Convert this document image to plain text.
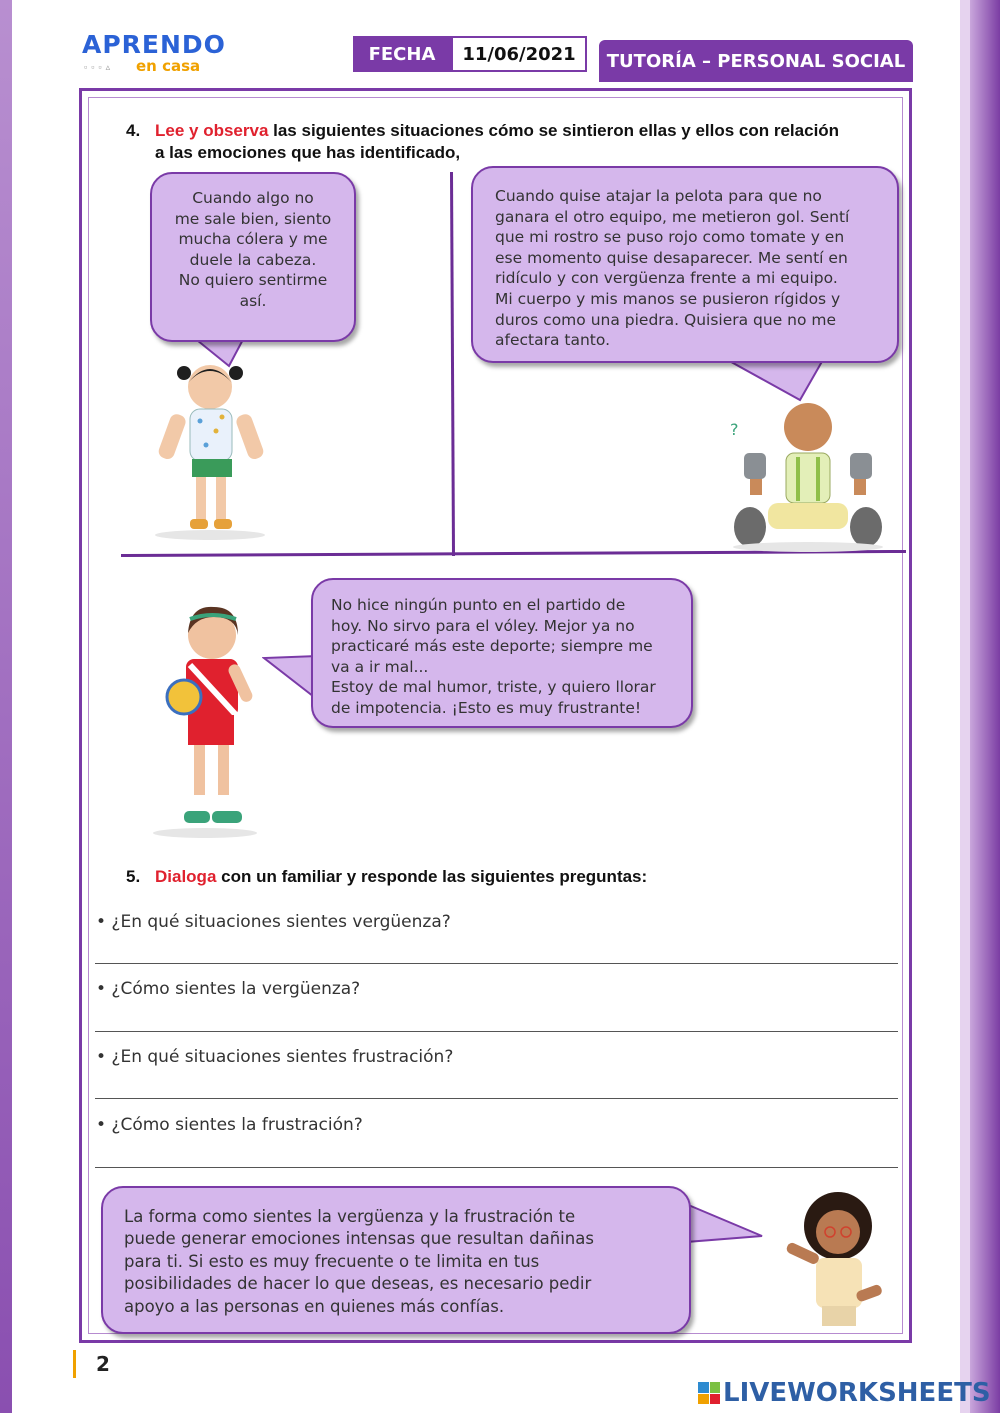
APRENDO
en casa
▫▫▫▵
FECHA	11/06/2021	TUTORÍA – PERSONAL SOCIAL
4. Lee y observa las siguientes situaciones cómo se sintieron ellas y ellos con relación
a las emociones que has identificado,
Cuando algo no
me sale bien, siento
mucha cólera y me
duele la cabeza.
No quiero sentirme
así.
Cuando quise atajar la pelota para que no
ganara el otro equipo, me metieron gol. Sentí
que mi rostro se puso rojo como tomate y en
ese momento quise desaparecer. Me sentí en
ridículo y con vergüenza frente a mi equipo.
Mi cuerpo y mis manos se pusieron rígidos y
duros como una piedra. Quisiera que no me
afectara tanto.
?
No hice ningún punto en el partido de
hoy. No sirvo para el vóley. Mejor ya no
practicaré más este deporte; siempre me
va a ir mal...
Estoy de mal humor, triste, y quiero llorar
de impotencia. ¡Esto es muy frustrante!
5. Dialoga con un familiar y responde las siguientes preguntas:
• ¿En qué situaciones sientes vergüenza?
• ¿Cómo sientes la vergüenza?
• ¿En qué situaciones sientes frustración?
• ¿Cómo sientes la frustración?
La forma como sientes la vergüenza y la frustración te
puede generar emociones intensas que resultan dañinas
para ti. Si esto es muy frecuente o te limita en tus
posibilidades de hacer lo que deseas, es necesario pedir
apoyo a las personas en quienes más confías.
2
LIVEWORKSHEETS
